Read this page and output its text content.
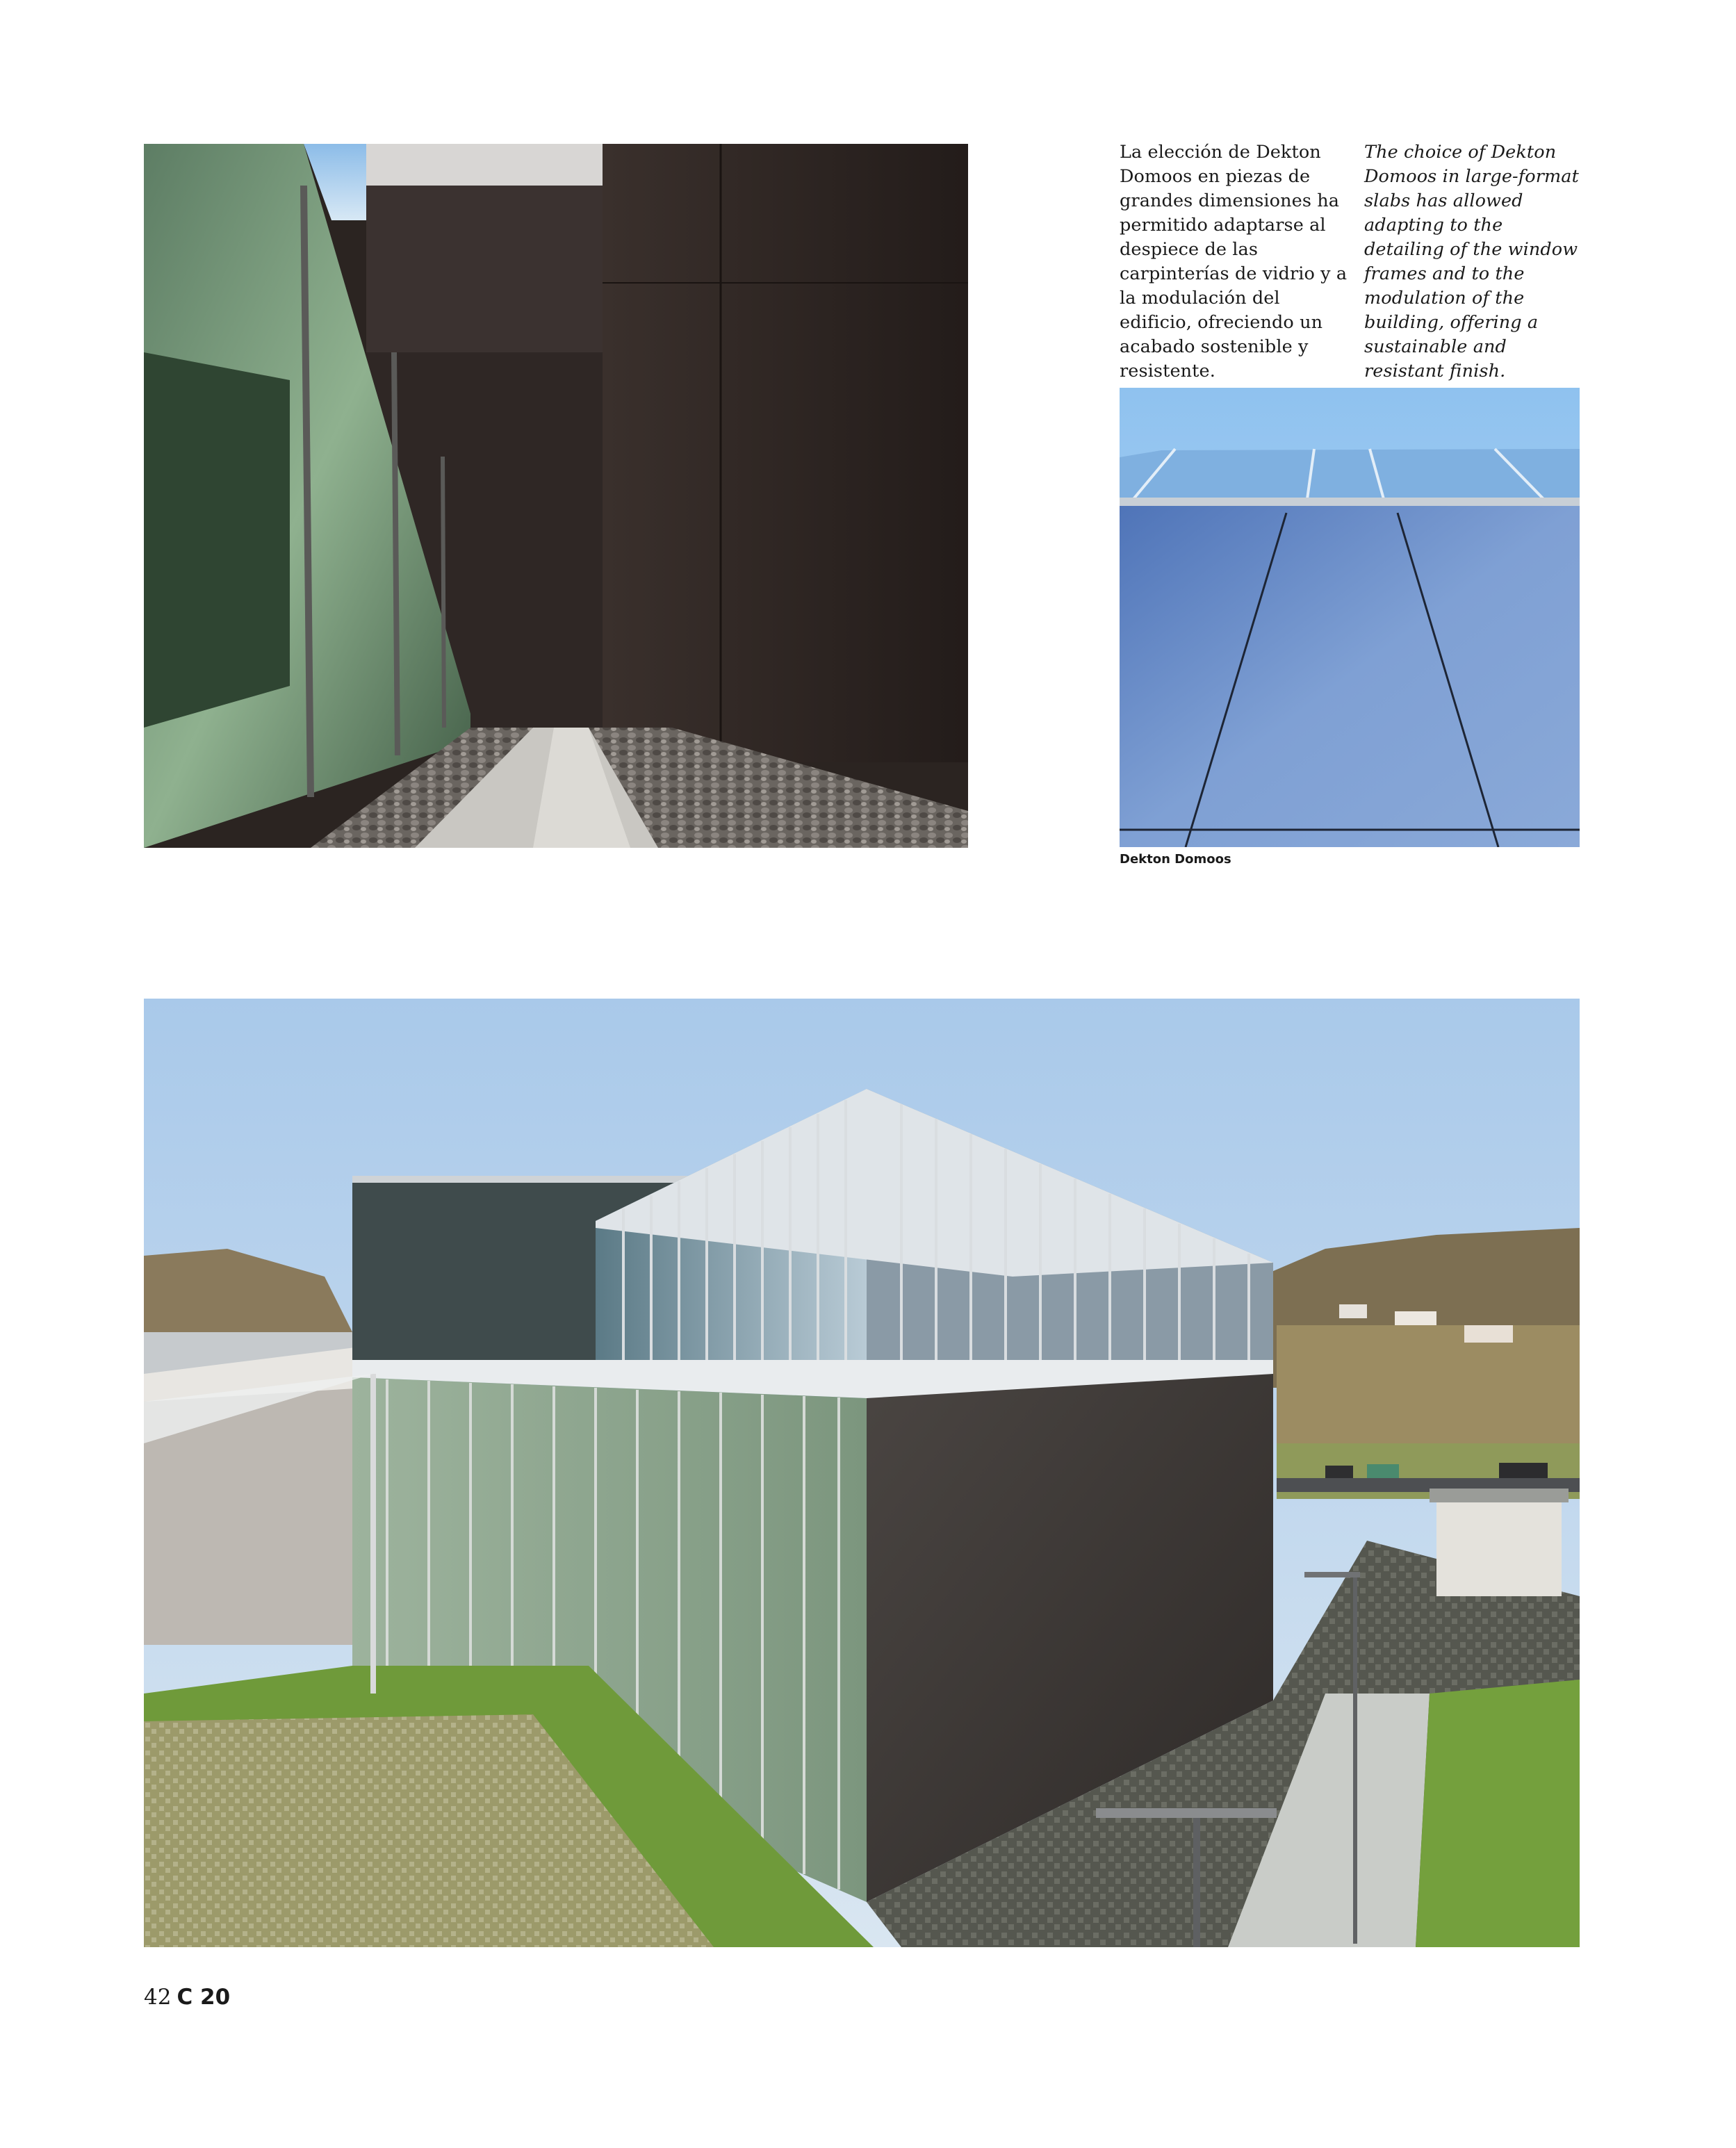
La elección de Dekton Domoos en piezas de grandes dimensiones ha permitido adaptarse al despiece de las carpinterías de vidrio y a la modulación del edificio, ofreciendo un acabado sostenible y resistente.
The choice of Dekton Domoos in large-format slabs has allowed adapting to the detailing of the window frames and to the modulation of the building, offering a sustainable and resistant finish.
Dekton Domoos
42 C 20
